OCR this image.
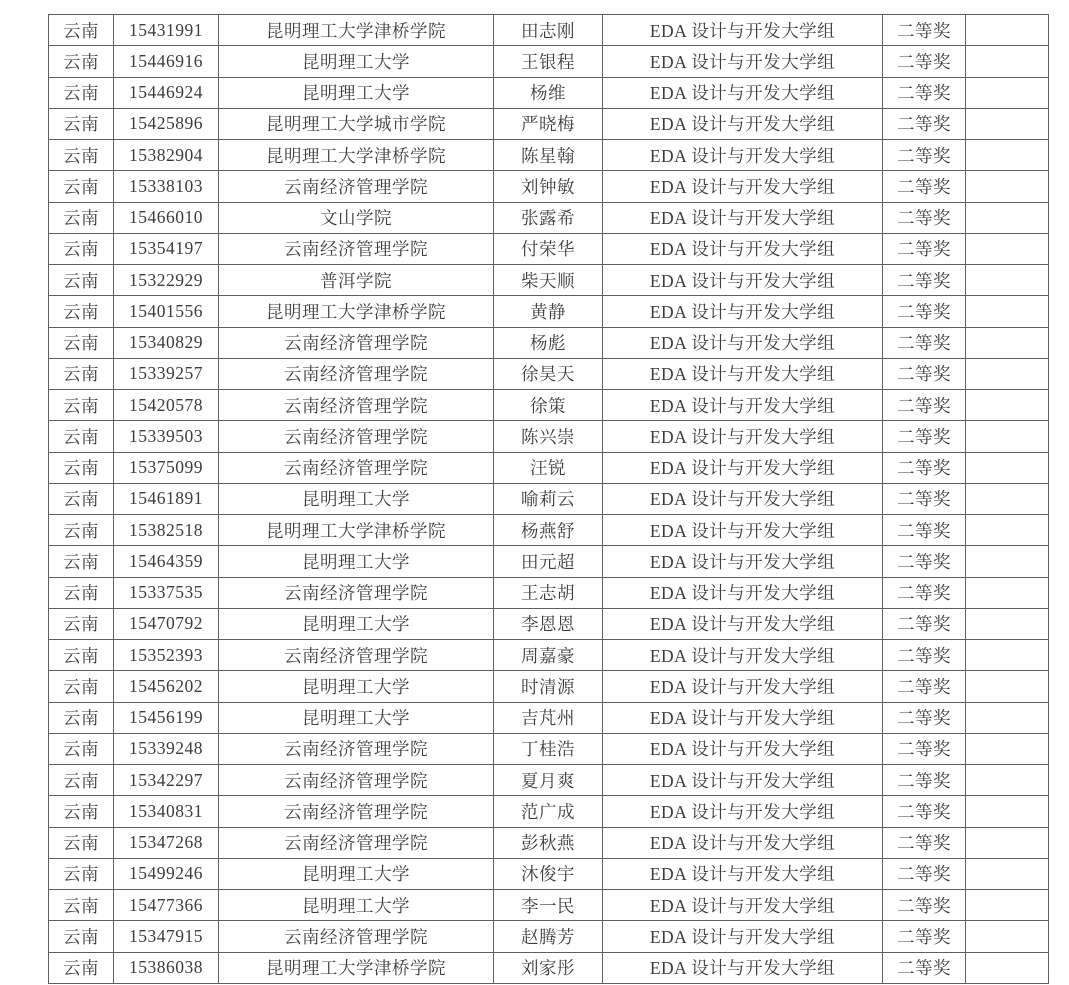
云南	15431991	昆明理工大学津桥学院	田志刚	EDA 设计与开发大学组	二等奖	
云南	15446916	昆明理工大学	王银程	EDA 设计与开发大学组	二等奖	
云南	15446924	昆明理工大学	杨维	EDA 设计与开发大学组	二等奖	
云南	15425896	昆明理工大学城市学院	严晓梅	EDA 设计与开发大学组	二等奖	
云南	15382904	昆明理工大学津桥学院	陈星翰	EDA 设计与开发大学组	二等奖	
云南	15338103	云南经济管理学院	刘钟敏	EDA 设计与开发大学组	二等奖	
云南	15466010	文山学院	张露希	EDA 设计与开发大学组	二等奖	
云南	15354197	云南经济管理学院	付荣华	EDA 设计与开发大学组	二等奖	
云南	15322929	普洱学院	柴天顺	EDA 设计与开发大学组	二等奖	
云南	15401556	昆明理工大学津桥学院	黄静	EDA 设计与开发大学组	二等奖	
云南	15340829	云南经济管理学院	杨彪	EDA 设计与开发大学组	二等奖	
云南	15339257	云南经济管理学院	徐昊天	EDA 设计与开发大学组	二等奖	
云南	15420578	云南经济管理学院	徐策	EDA 设计与开发大学组	二等奖	
云南	15339503	云南经济管理学院	陈兴崇	EDA 设计与开发大学组	二等奖	
云南	15375099	云南经济管理学院	汪锐	EDA 设计与开发大学组	二等奖	
云南	15461891	昆明理工大学	喻莉云	EDA 设计与开发大学组	二等奖	
云南	15382518	昆明理工大学津桥学院	杨燕舒	EDA 设计与开发大学组	二等奖	
云南	15464359	昆明理工大学	田元超	EDA 设计与开发大学组	二等奖	
云南	15337535	云南经济管理学院	王志胡	EDA 设计与开发大学组	二等奖	
云南	15470792	昆明理工大学	李恩恩	EDA 设计与开发大学组	二等奖	
云南	15352393	云南经济管理学院	周嘉豪	EDA 设计与开发大学组	二等奖	
云南	15456202	昆明理工大学	时清源	EDA 设计与开发大学组	二等奖	
云南	15456199	昆明理工大学	吉芃州	EDA 设计与开发大学组	二等奖	
云南	15339248	云南经济管理学院	丁桂浩	EDA 设计与开发大学组	二等奖	
云南	15342297	云南经济管理学院	夏月爽	EDA 设计与开发大学组	二等奖	
云南	15340831	云南经济管理学院	范广成	EDA 设计与开发大学组	二等奖	
云南	15347268	云南经济管理学院	彭秋燕	EDA 设计与开发大学组	二等奖	
云南	15499246	昆明理工大学	沐俊宇	EDA 设计与开发大学组	二等奖	
云南	15477366	昆明理工大学	李一民	EDA 设计与开发大学组	二等奖	
云南	15347915	云南经济管理学院	赵腾芳	EDA 设计与开发大学组	二等奖	
云南	15386038	昆明理工大学津桥学院	刘家彤	EDA 设计与开发大学组	二等奖	
